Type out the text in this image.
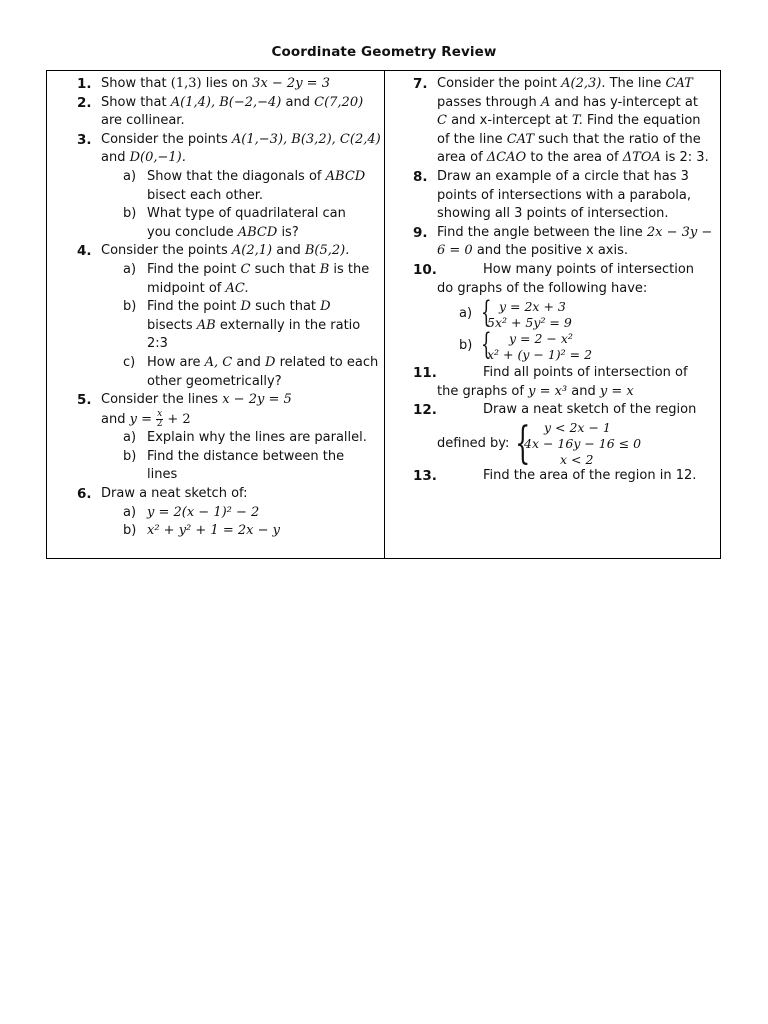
Coordinate Geometry Review
1. Show that (1,3) lies on 3x − 2y = 3
2. Show that A(1,4), B(−2,−4) and C(7,20)
are collinear.
3. Consider the points A(1,−3), B(3,2), C(2,4)
and D(0,−1).
a) Show that the diagonals of ABCD
bisect each other.
b) What type of quadrilateral can
you conclude ABCD is?
4. Consider the points A(2,1) and B(5,2).
a) Find the point C such that B is the
midpoint of AC.
b) Find the point D such that D
bisects AB externally in the ratio
2:3
c) How are A, C and D related to each
other geometrically?
5. Consider the lines x − 2y = 5
and $y = \frac{x}{2} + 2$
a) Explain why the lines are parallel.
b) Find the distance between the
lines
6. Draw a neat sketch of:
a) y = 2(x − 1)² − 2
b) x² + y² + 1 = 2x − y
7. Consider the point A(2,3). The line CAT
passes through A and has y-intercept at
C and x-intercept at T. Find the equation
of the line CAT such that the ratio of the
area of ΔCAO to the area of ΔTOA is 2: 3.
8. Draw an example of a circle that has 3
points of intersections with a parabola,
showing all 3 points of intersection.
9. Find the angle between the line 2x − 3y −
6 = 0 and the positive x axis.
10.	How many points of intersection
do graphs of the following have:
a) { y = 2x + 3
5x² + 5y² = 9
b) { y = 2 − x²
x² + (y − 1)² = 2
11.	Find all points of intersection of
the graphs of y = x³ and y = x
12.	Draw a neat sketch of the region
defined by: { y < 2x − 1
4x − 16y − 16 ≤ 0
x < 2
13.	Find the area of the region in 12.
